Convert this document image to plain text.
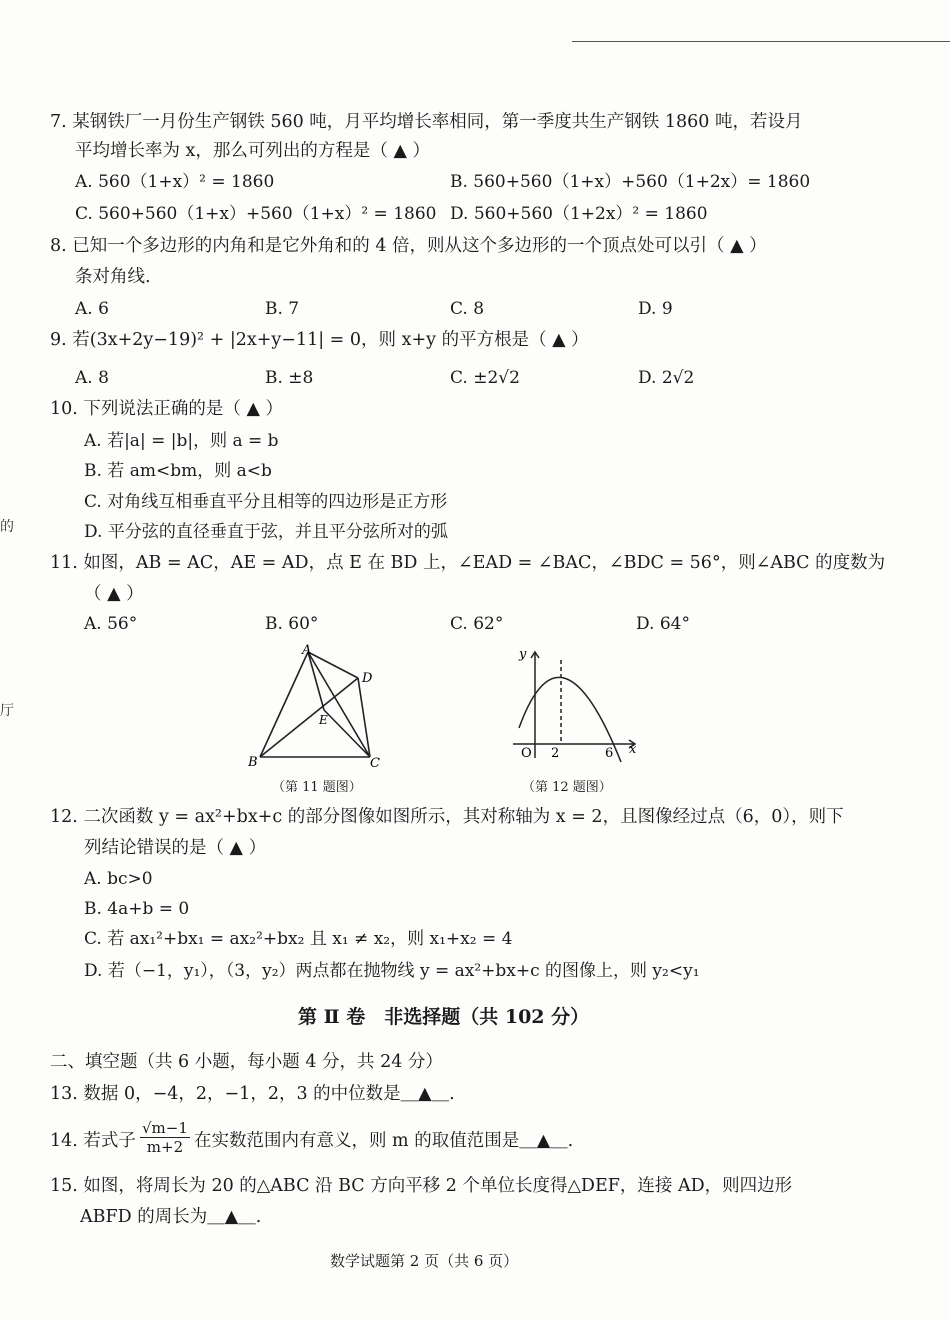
的
厅
7. 某钢铁厂一月份生产钢铁 560 吨，月平均增长率相同，第一季度共生产钢铁 1860 吨，若设月
平均增长率为 x，那么可列出的方程是（ ▲ ）
A. 560（1+x）² = 1860	B. 560+560（1+x）+560（1+2x）= 1860
C. 560+560（1+x）+560（1+x）² = 1860 D. 560+560（1+2x）² = 1860
8. 已知一个多边形的内角和是它外角和的 4 倍，则从这个多边形的一个顶点处可以引（ ▲ ）
条对角线.
A. 6	B. 7	C. 8	D. 9
9. 若(3x+2y−19)² + |2x+y−11| = 0，则 x+y 的平方根是（ ▲ ）
A. 8	B. ±8	C. ±2√2	D. 2√2
10. 下列说法正确的是（ ▲ ）
A. 若|a| = |b|，则 a = b
B. 若 am<bm，则 a<b
C. 对角线互相垂直平分且相等的四边形是正方形
D. 平分弦的直径垂直于弦，并且平分弦所对的弧
11. 如图，AB = AC，AE = AD，点 E 在 BD 上，∠EAD = ∠BAC，∠BDC = 56°，则∠ABC 的度数为
（ ▲ ）
A. 56°	B. 60°	C. 62°	D. 64°
A
B	C
D
E
（第 11 题图）
y
x
O 2	6
（第 12 题图）
12. 二次函数 y = ax²+bx+c 的部分图像如图所示，其对称轴为 x = 2，且图像经过点（6，0），则下
列结论错误的是（ ▲ ）
A. bc>0
B. 4a+b = 0
C. 若 ax₁²+bx₁ = ax₂²+bx₂ 且 x₁ ≠ x₂，则 x₁+x₂ = 4
D. 若（−1，y₁），（3，y₂）两点都在抛物线 y = ax²+bx+c 的图像上，则 y₂<y₁
第 Ⅱ 卷　非选择题（共 102 分）
二、填空题（共 6 小题，每小题 4 分，共 24 分）
13. 数据 0，−4，2，−1，2，3 的中位数是＿▲＿.
14. 若式子 $\frac{√m-1}{m+2}$ 在实数范围内有意义，则 m 的取值范围是＿▲＿.
15. 如图，将周长为 20 的△ABC 沿 BC 方向平移 2 个单位长度得△DEF，连接 AD，则四边形
ABFD 的周长为＿▲＿.
数学试题第 2 页（共 6 页）
